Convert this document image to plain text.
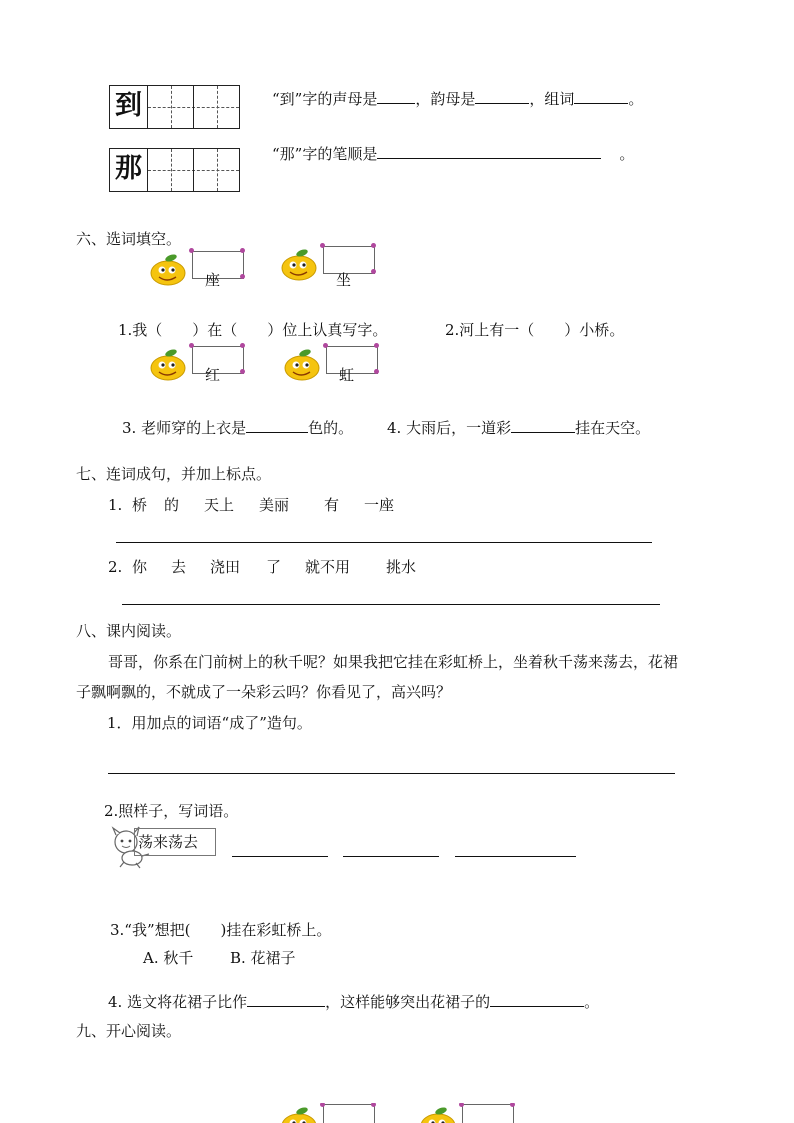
到	“到”字的声母是	，韵母是	，组词	。
那	“那”字的笔顺是	。
六、选词填空。
座	坐
1.我（　　）在（　　）位上认真写字。	2.河上有一（　　）小桥。
红	虹
3. 老师穿的上衣是	色的。 4. 大雨后，一道彩	挂在天空。
七、连词成句，并加上标点。
1. 桥 的 天上 美丽 有 一座
2. 你 去 浇田 了 就不用 挑水
八、课内阅读。
哥哥，你系在门前树上的秋千呢？如果我把它挂在彩虹桥上，坐着秋千荡来荡去，花裙
子飘啊飘的，不就成了一朵彩云吗？你看见了，高兴吗？
1．用加点的词语“成了”造句。
2.照样子，写词语。
荡来荡去
3.“我”想把(　　)挂在彩虹桥上。
A. 秋千 B. 花裙子
4. 选文将花裙子比作	，这样能够突出花裙子的	。
九、开心阅读。
